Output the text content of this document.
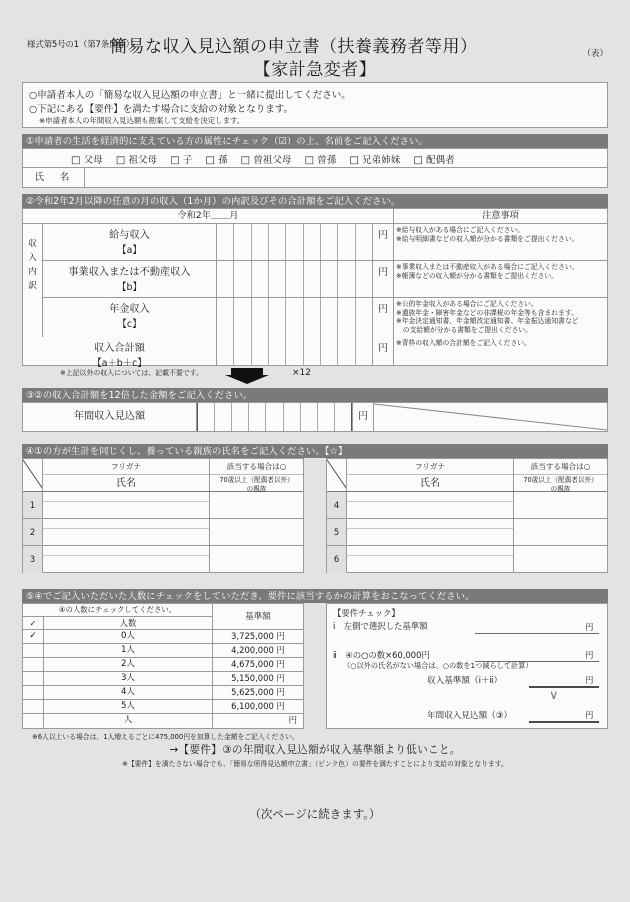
様式第5号の1（第7条関係）
簡易な収入見込額の申立書（扶養義務者等用）
【家計急変者】
（表）
○申請者本人の「簡易な収入見込額の申立書」と一緒に提出してください。
○下記にある【要件】を満たす場合に支給の対象となります。
※申請者本人の年間収入見込額も勘案して支給を決定します。
①申請者の生活を経済的に支えている方の属性にチェック（☑）の上、名前をご記入ください。
□ 父母 □ 祖父母 □ 子 □ 孫 □ 曽祖父母 □ 曽孫 □ 兄弟姉妹 □ 配偶者
氏　名
②令和2年2月以降の任意の月の収入（1か月）の内訳及びその合計額をご記入ください。
令和2年＿＿月	注意事項
収
入
内
訳
給与収入
【a】
円	※給与収入がある場合にご記入ください。
※給与明細書などの収入額が分かる書類をご提出ください。
事業収入または不動産収入
【b】
円	※事業収入または不動産収入がある場合にご記入ください。
※帳簿などの収入額が分かる書類をご提出ください。
年金収入
【c】
円	※公的年金収入がある場合にご記入ください。
※遺族年金・障害年金などの非課税の年金等も含まれます。
※年金決定通知書、年金額改定通知書、年金振込通知書など
　の支給額が分かる書類をご提出ください。
収入合計額
【a＋b＋c】
円	※青枠の収入額の合計額をご記入ください。
※上記以外の収入については、記載不要です。	×12
③②の収入合計額を12倍した金額をご記入ください。
年間収入見込額	円
④①の方が生計を同じくし、養っている親族の氏名をご記入ください。【☆】
フリガナ
氏名
該当する場合は○
70歳以上（配偶者以外）
の親族
1
2
3
フリガナ
氏名
該当する場合は○
70歳以上（配偶者以外）
の親族
4
5
6
⑤④でご記入いただいた人数にチェックをしていただき、要件に該当するかの計算をおこなってください。
④の人数にチェックしてください。
✓	人数
基準額
✓	0人	3,725,000 円
1人	4,200,000 円
2人	4,675,000 円
3人	5,150,000 円
4人	5,625,000 円
5人	6,100,000 円
人	円
※6人以上いる場合は、1人増えるごとに475,000円を加算した金額をご記入ください。
【要件チェック】
ⅰ　左側で選択した基準額	円
ⅱ　④の○の数×60,000円	円
（○以外の氏名がない場合は、○の数を1つ減らして計算）
収入基準額（ⅰ＋ⅱ）	円
∨
年間収入見込額（③）	円
→【要件】③の年間収入見込額が収入基準額より低いこと。
※【要件】を満たさない場合でも、「簡易な所得見込額申立書」（ピンク色）の要件を満たすことにより支給の対象となります。
（次ページに続きます。）
